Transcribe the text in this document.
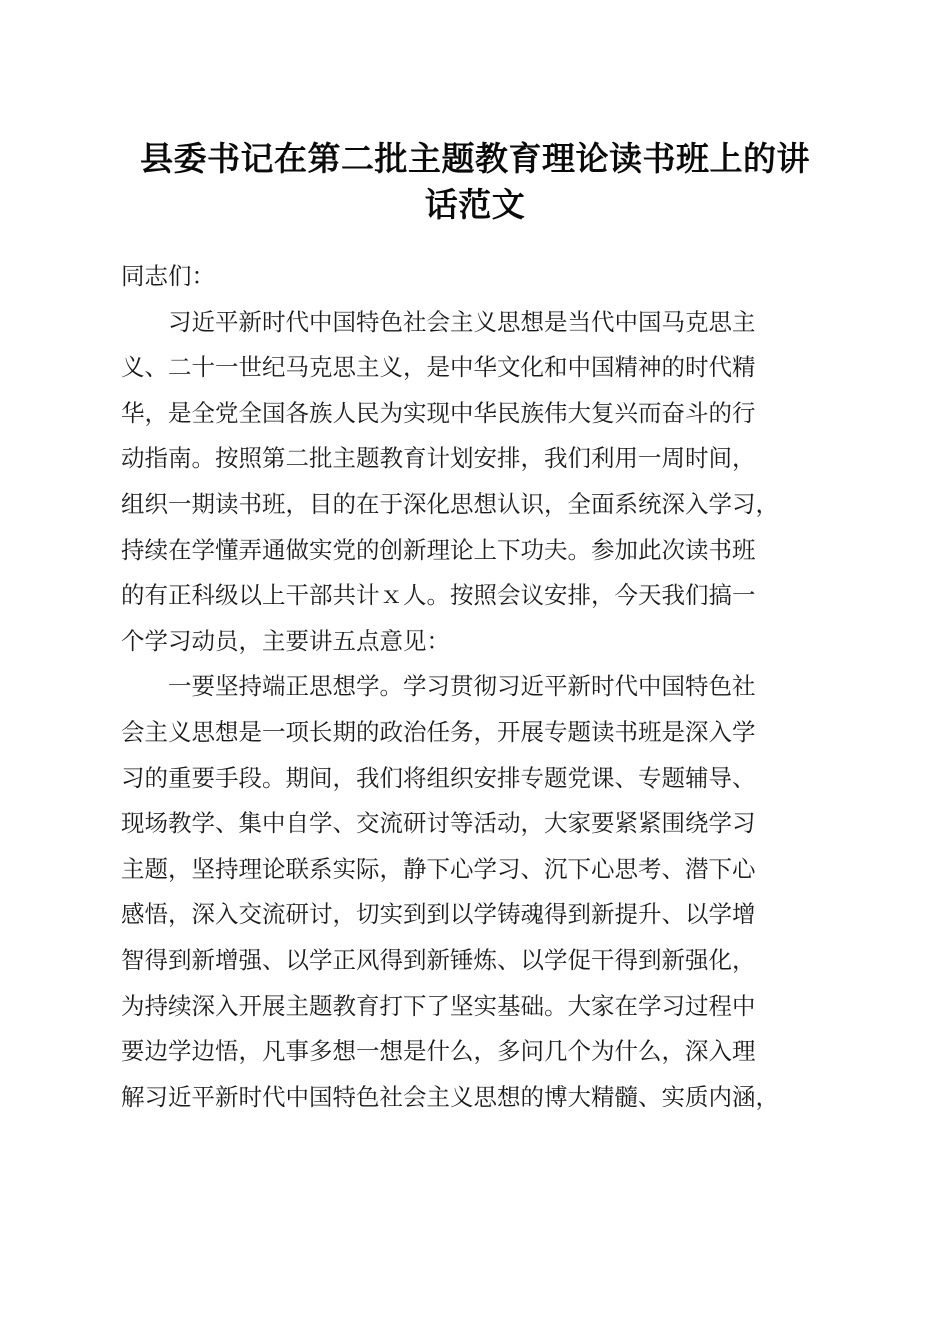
县委书记在第二批主题教育理论读书班上的讲
话范文
同志们：
　　习近平新时代中国特色社会主义思想是当代中国马克思主
义、二十一世纪马克思主义，是中华文化和中国精神的时代精
华，是全党全国各族人民为实现中华民族伟大复兴而奋斗的行
动指南。按照第二批主题教育计划安排，我们利用一周时间，
组织一期读书班，目的在于深化思想认识，全面系统深入学习，
持续在学懂弄通做实党的创新理论上下功夫。参加此次读书班
的有正科级以上干部共计ｘ人。按照会议安排，今天我们搞一
个学习动员，主要讲五点意见：
　　一要坚持端正思想学。学习贯彻习近平新时代中国特色社
会主义思想是一项长期的政治任务，开展专题读书班是深入学
习的重要手段。期间，我们将组织安排专题党课、专题辅导、
现场教学、集中自学、交流研讨等活动，大家要紧紧围绕学习
主题，坚持理论联系实际，静下心学习、沉下心思考、潜下心
感悟，深入交流研讨，切实到到以学铸魂得到新提升、以学增
智得到新增强、以学正风得到新锤炼、以学促干得到新强化，
为持续深入开展主题教育打下了坚实基础。大家在学习过程中
要边学边悟，凡事多想一想是什么，多问几个为什么，深入理
解习近平新时代中国特色社会主义思想的博大精髓、实质内涵，
